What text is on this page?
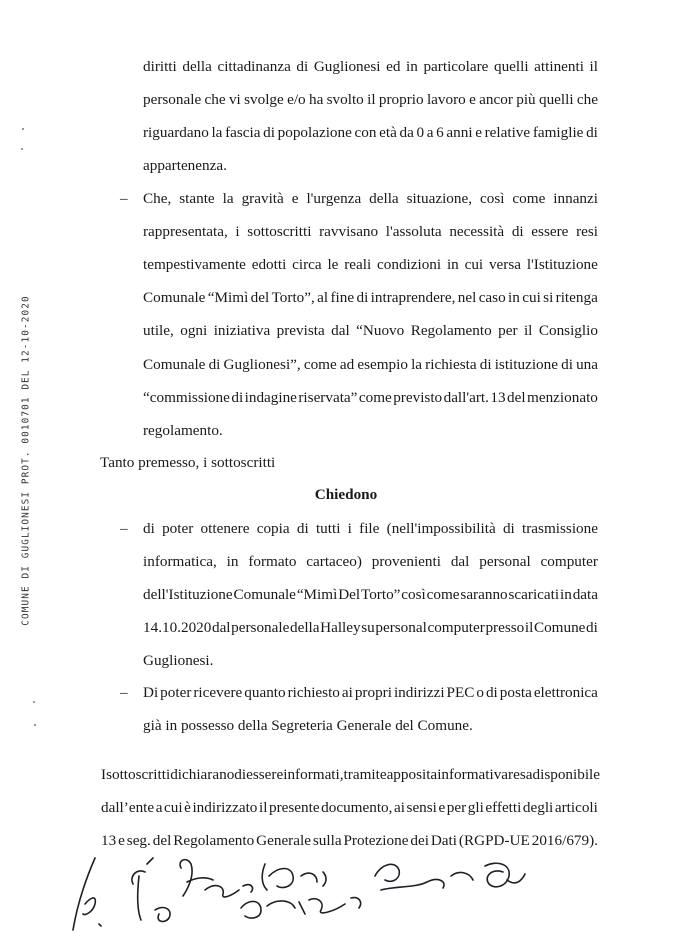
COMUNE DI GUGLIONESI PROT. 0010701 DEL 12-10-2020
diritti della cittadinanza di Guglionesi ed in particolare quelli attinenti il
personale che vi svolge e/o ha svolto il proprio lavoro e ancor più quelli che
riguardano la fascia di popolazione con età da 0 a 6 anni e relative famiglie di
appartenenza.
– Che, stante la gravità e l'urgenza della situazione, così come innanzi
rappresentata, i sottoscritti ravvisano l'assoluta necessità di essere resi
tempestivamente edotti circa le reali condizioni in cui versa l'Istituzione
Comunale “Mimì del Torto”, al fine di intraprendere, nel caso in cui si ritenga
utile, ogni iniziativa prevista dal “Nuovo Regolamento per il Consiglio
Comunale di Guglionesi”, come ad esempio la richiesta di istituzione di una
“commissione di indagine riservata” come previsto dall'art. 13 del menzionato
regolamento.
Tanto premesso, i sottoscritti
Chiedono
– di poter ottenere copia di tutti i file (nell'impossibilità di trasmissione
informatica, in formato cartaceo) provenienti dal personal computer
dell'Istituzione Comunale “Mimì Del Torto” così come saranno scaricati in data
14.10.2020 dal personale della Halley su personal computer presso il Comune di
Guglionesi.
– Di poter ricevere quanto richiesto ai propri indirizzi PEC o di posta elettronica
già in possesso della Segreteria Generale del Comune.
I sottoscritti dichiarano di essere informati, tramite apposita informativa resa disponibile
dall’ente a cui è indirizzato il presente documento, ai sensi e per gli effetti degli articoli
13 e seg. del Regolamento Generale sulla Protezione dei Dati (RGPD-UE 2016/679).
